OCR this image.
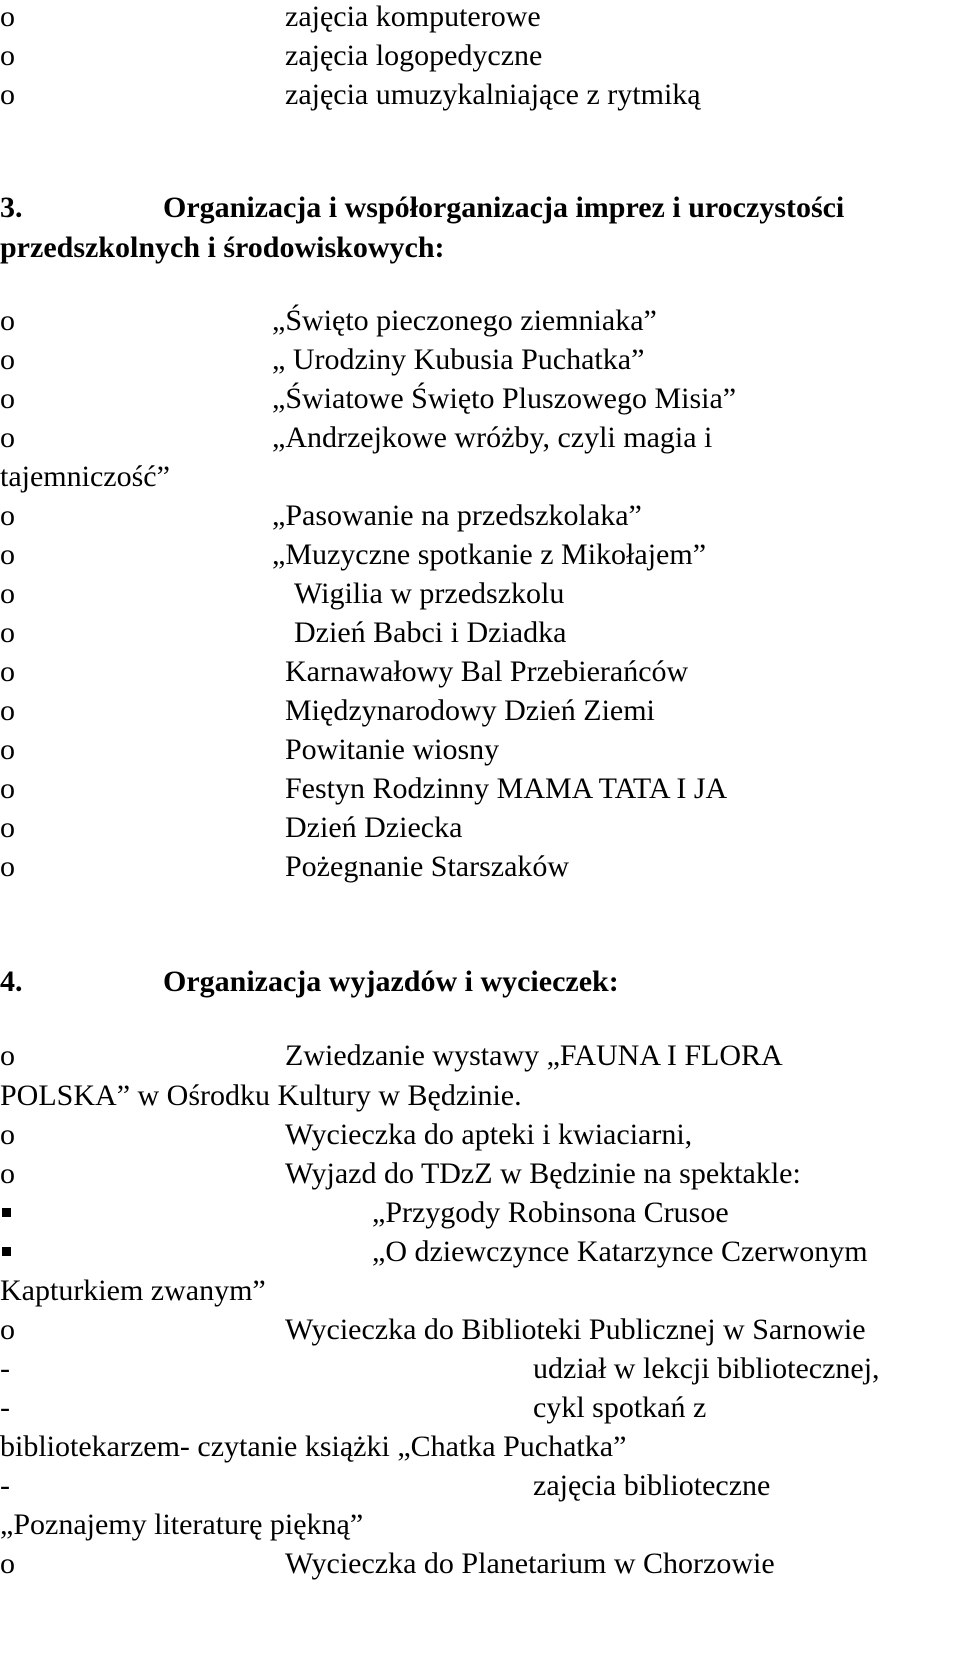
o	zajęcia komputerowe
o	zajęcia logopedyczne
o	zajęcia umuzykalniające z rytmiką
3.	Organizacja i współorganizacja imprez i uroczystości
przedszkolnych i środowiskowych:
o	„Święto pieczonego ziemniaka”
o	„ Urodziny Kubusia Puchatka”
o	„Światowe Święto Pluszowego Misia”
o	„Andrzejkowe wróżby, czyli magia i
tajemniczość”
o	„Pasowanie na przedszkolaka”
o	„Muzyczne spotkanie z Mikołajem”
o	Wigilia w przedszkolu
o	Dzień Babci i Dziadka
o	Karnawałowy Bal Przebierańców
o	Międzynarodowy Dzień Ziemi
o	Powitanie wiosny
o	Festyn Rodzinny MAMA TATA I JA
o	Dzień Dziecka
o	Pożegnanie Starszaków
4.	Organizacja wyjazdów i wycieczek:
o	Zwiedzanie wystawy „FAUNA I FLORA
POLSKA” w Ośrodku Kultury w Będzinie.
o	Wycieczka do apteki i kwiaciarni,
o	Wyjazd do TDzZ w Będzinie na spektakle:
„Przygody Robinsona Crusoe
„O dziewczynce Katarzynce Czerwonym
Kapturkiem zwanym”
o	Wycieczka do Biblioteki Publicznej w Sarnowie
-	udział w lekcji bibliotecznej,
-	cykl spotkań z
bibliotekarzem- czytanie książki „Chatka Puchatka”
-	zajęcia biblioteczne
„Poznajemy literaturę piękną”
o	Wycieczka do Planetarium w Chorzowie
